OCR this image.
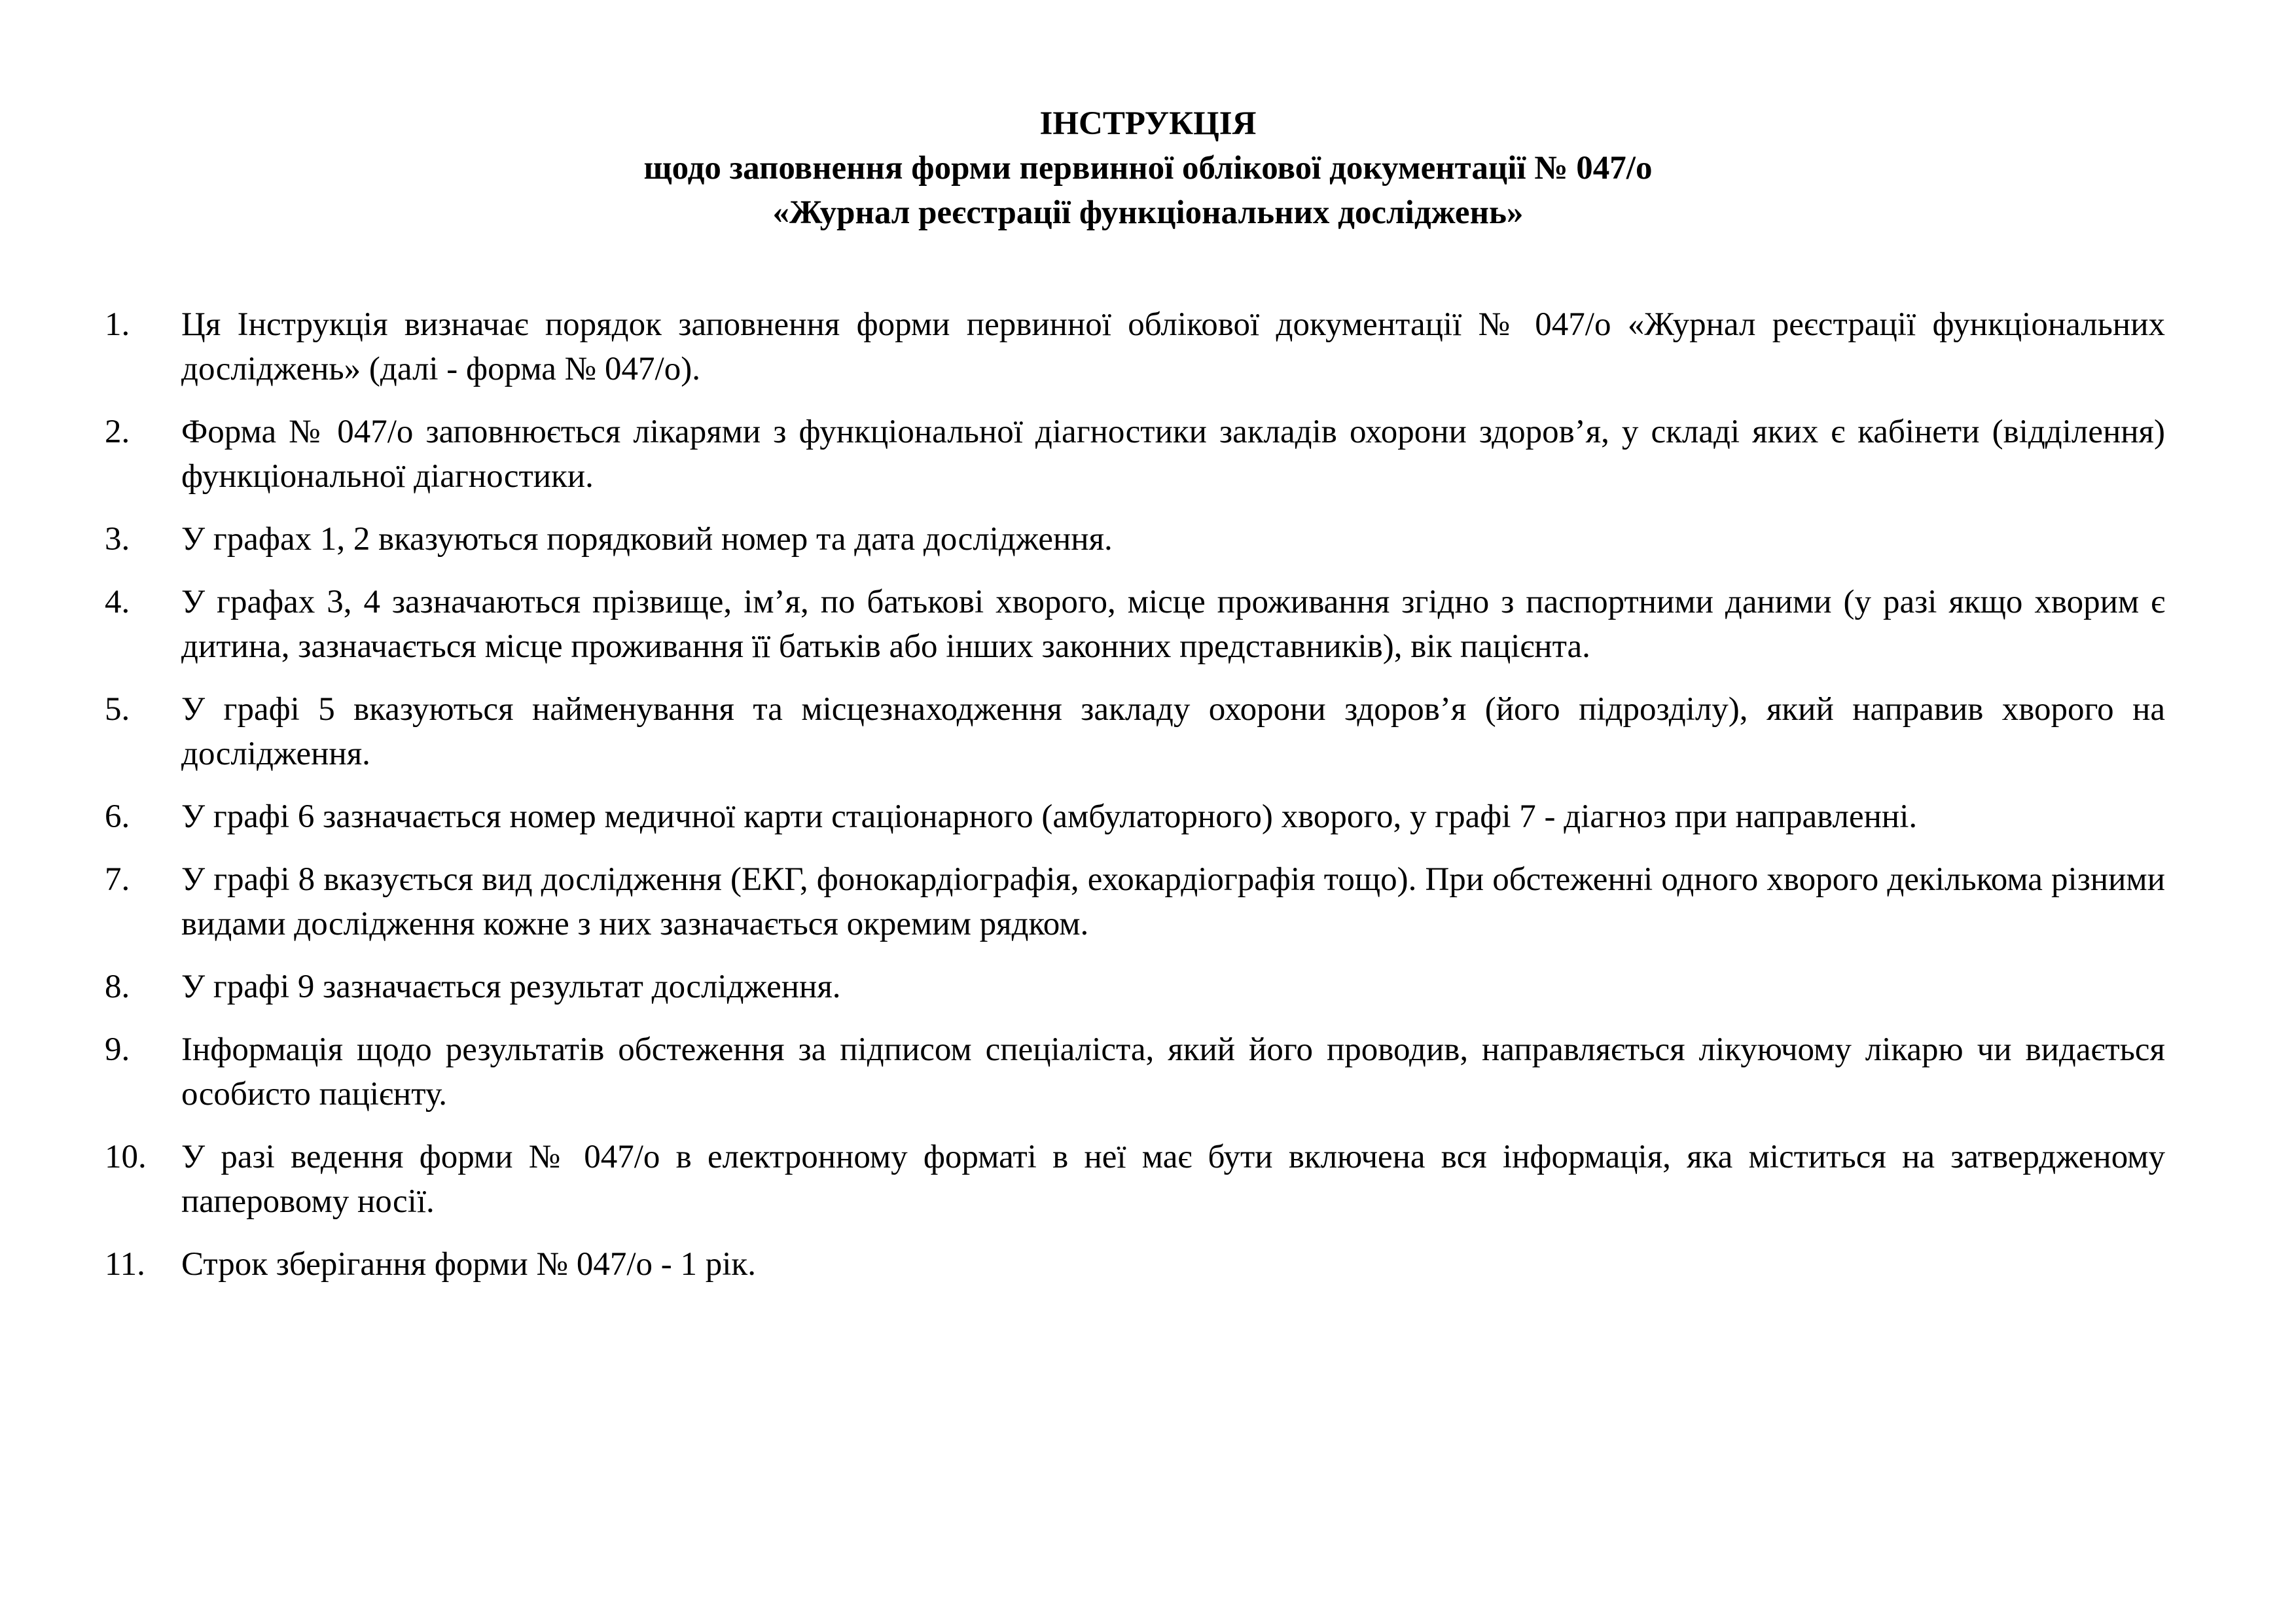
ІНСТРУКЦІЯ
щодо заповнення форми первинної облікової документації № 047/о
«Журнал реєстрації функціональних досліджень»
1.	Ця Інструкція визначає порядок заповнення форми первинної облікової документації № 047/о «Журнал реєстрації функціональних досліджень» (далі - форма № 047/о).
2.	Форма № 047/о заповнюється лікарями з функціональної діагностики закладів охорони здоров’я, у складі яких є кабінети (відділення) функціональної діагностики.
3.	У графах 1, 2 вказуються порядковий номер та дата дослідження.
4.	У графах 3, 4 зазначаються прізвище, ім’я, по батькові хворого, місце проживання згідно з паспортними даними (у разі якщо хворим є дитина, зазначається місце проживання її батьків або інших законних представників), вік пацієнта.
5.	У графі 5 вказуються найменування та місцезнаходження закладу охорони здоров’я (його підрозділу), який направив хворого на дослідження.
6.	У графі 6 зазначається номер медичної карти стаціонарного (амбулаторного) хворого, у графі 7 - діагноз при направленні.
7.	У графі 8 вказується вид дослідження (ЕКГ, фонокардіографія, ехокардіографія тощо). При обстеженні одного хворого декількома різними видами дослідження кожне з них зазначається окремим рядком.
8.	У графі 9 зазначається результат дослідження.
9.	Інформація щодо результатів обстеження за підписом спеціаліста, який його проводив, направляється лікуючому лікарю чи видається особисто пацієнту.
10.	У разі ведення форми № 047/о в електронному форматі в неї має бути включена вся інформація, яка міститься на затвердженому паперовому носії.
11.	Строк зберігання форми № 047/о - 1 рік.
